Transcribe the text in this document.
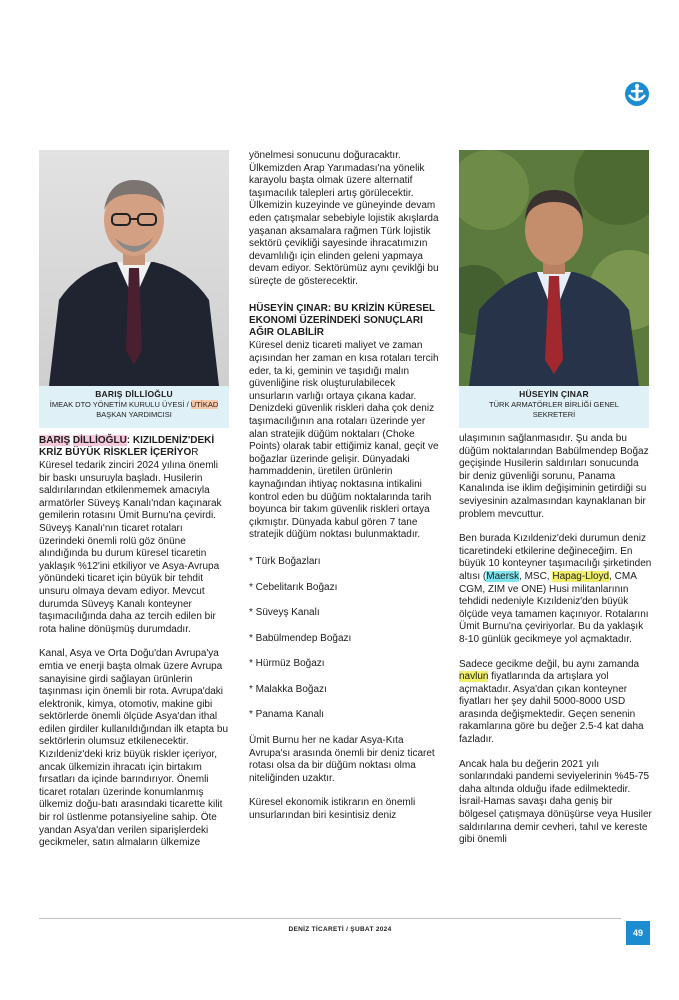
BARIŞ DİLLİOĞLU
İMEAK DTO YÖNETİM KURULU ÜYESİ / UTİKAD
BAŞKAN YARDIMCISI
HÜSEYİN ÇINAR
TÜRK ARMATÖRLER BİRLİĞİ GENEL
SEKRETERİ
BARIŞ DİLLİOĞLU: KIZILDENİZ'DEKİ KRİZ BÜYÜK RİSKLER İÇERİYOR

Küresel tedarik zinciri 2024 yılına önemli bir baskı unsuruyla başladı. Husilerin saldırılarından etkilenmemek amacıyla armatörler Süveyş Kanalı'ndan kaçınarak gemilerin rotasını Ümit Burnu'na çevirdi. Süveyş Kanalı'nın ticaret rotaları üzerindeki önemli rolü göz önüne alındığında bu durum küresel ticaretin yaklaşık %12'ini etkiliyor ve Asya-Avrupa yönündeki ticaret için büyük bir tehdit unsuru olmaya devam ediyor. Mevcut durumda Süveyş Kanalı konteyner taşımacılığında daha az tercih edilen bir rota haline dönüşmüş durumdadır.

Kanal, Asya ve Orta Doğu'dan Avrupa'ya emtia ve enerji başta olmak üzere Avrupa sanayisine girdi sağlayan ürünlerin taşınması için önemli bir rota. Avrupa'daki elektronik, kimya, otomotiv, makine gibi sektörlerde önemli ölçüde Asya'dan ithal edilen girdiler kullanıldığından ilk etapta bu sektörlerin olumsuz etkilenecektir. Kızıldeniz'deki kriz büyük riskler içeriyor, ancak ülkemizin ihracatı için birtakım fırsatları da içinde barındırıyor. Önemli ticaret rotaları üzerinde konumlanmış ülkemiz doğu-batı arasındaki ticarette kilit bir rol üstlenme potansiyeline sahip. Öte yandan Asya'dan verilen siparişlerdeki gecikmeler, satın almaların ülkemize

yönelmesi sonucunu doğuracaktır. Ülkemizden Arap Yarımadası'na yönelik karayolu başta olmak üzere alternatif taşımacılık talepleri artış görülecektir. Ülkemizin kuzeyinde ve güneyinde devam eden çatışmalar sebebiyle lojistik akışlarda yaşanan aksamalara rağmen Türk lojistik sektörü çevikliği sayesinde ihracatımızın devamlılığı için elinden geleni yapmaya devam ediyor. Sektörümüz aynı çeviklği bu süreçte de gösterecektir.

HÜSEYİN ÇINAR: BU KRİZİN KÜRESEL EKONOMİ ÜZERİNDEKİ SONUÇLARI AĞIR OLABİLİR

Küresel deniz ticareti maliyet ve zaman açısından her zaman en kısa rotaları tercih eder, ta ki, geminin ve taşıdığı malın güvenliğine risk oluşturulabilecek unsurların varlığı ortaya çıkana kadar. Denizdeki güvenlik riskleri daha çok deniz taşımacılığının ana rotaları üzerinde yer alan stratejik düğüm noktaları (Choke Points) olarak tabir ettiğimiz kanal, geçit ve boğazlar üzerinde gelişir. Dünyadaki hammaddenin, üretilen ürünlerin kaynağından ihtiyaç noktasına intikalini kontrol eden bu düğüm noktalarında tarih boyunca bir takım güvenlik riskleri ortaya çıkmıştır. Dünyada kabul gören 7 tane stratejik düğüm noktası bulunmaktadır.

* Türk Boğazları
* Cebelitarık Boğazı
* Süveyş Kanalı
* Babülmendep Boğazı
* Hürmüz Boğazı
* Malakka Boğazı
* Panama Kanalı

Ümit Burnu her ne kadar Asya-Kıta Avrupa'sı arasında önemli bir deniz ticaret rotası olsa da bir düğüm noktası olma niteliğinden uzaktır.

Küresel ekonomik istikrarın en önemli unsurlarından biri kesintisiz deniz

ulaşımının sağlanmasıdır. Şu anda bu düğüm noktalarından Babülmendep Boğaz geçişinde Husilerin saldırıları sonucunda bir deniz güvenliği sorunu, Panama Kanalında ise iklim değişiminin getirdiği su seviyesinin azalmasından kaynaklanan bir problem mevcuttur.

Ben burada Kızıldeniz'deki durumun deniz ticaretindeki etkilerine değineceğim. En büyük 10 konteyner taşımacılığı şirketinden altısı (Maersk, MSC, Hapag-Lloyd, CMA CGM, ZIM ve ONE) Husi militanlarının tehdidi nedeniyle Kızıldeniz'den büyük ölçüde veya tamamen kaçınıyor. Rotalarını Ümit Burnu'na çeviriyorlar. Bu da yaklaşık 8-10 günlük gecikmeye yol açmaktadır.

Sadece gecikme değil, bu aynı zamanda navlun fiyatlarında da artışlara yol açmaktadır. Asya'dan çıkan konteyner fiyatları her şey dahil 5000-8000 USD arasında değişmektedir. Geçen senenin rakamlarına göre bu değer 2.5-4 kat daha fazladır.

Ancak hala bu değerin 2021 yılı sonlarındaki pandemi seviyelerinin %45-75 daha altında olduğu ifade edilmektedir. İsrail-Hamas savaşı daha geniş bir bölgesel çatışmaya dönüşürse veya Husiler saldırılarına demir cevheri, tahıl ve kereste gibi önemli

DENİZ TİCARETİ / ŞUBAT 2024	49
